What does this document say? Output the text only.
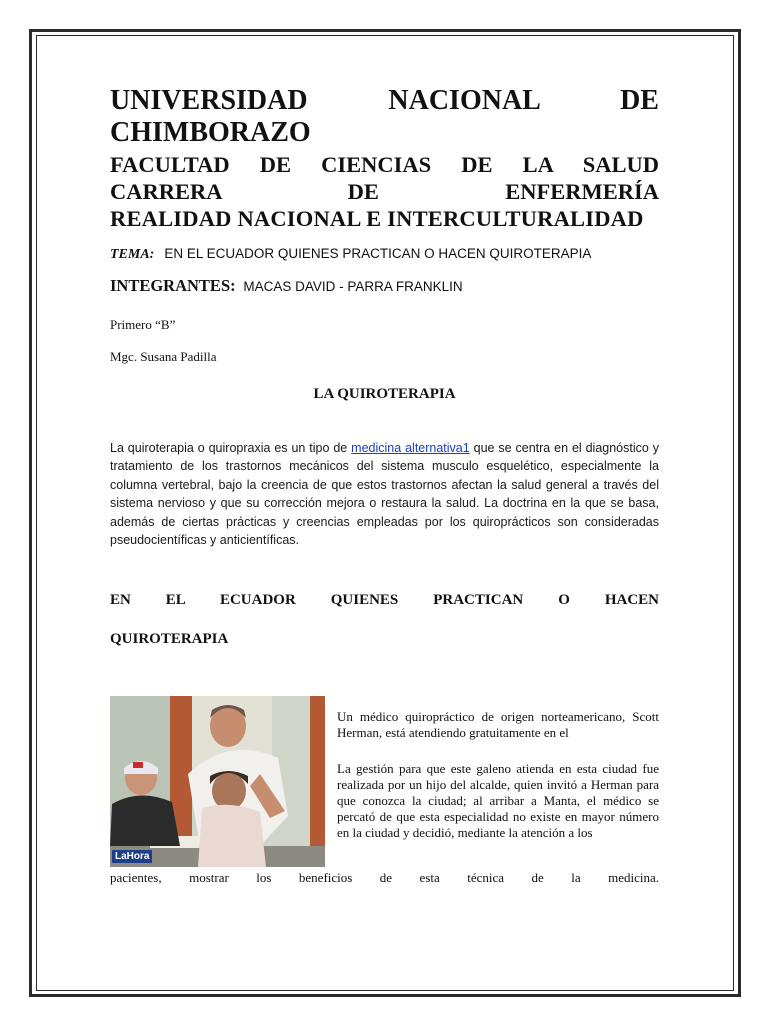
UNIVERSIDAD NACIONAL DE CHIMBORAZO

FACULTAD DE CIENCIAS DE LA SALUD
CARRERA DE ENFERMERÍA
REALIDAD NACIONAL E INTERCULTURALIDAD
TEMA: EN EL ECUADOR QUIENES PRACTICAN O HACEN QUIROTERAPIA
INTEGRANTES: MACAS DAVID - PARRA FRANKLIN
Primero “B”
Mgc. Susana Padilla
LA QUIROTERAPIA
La quiroterapia o quiropraxia es un tipo de medicina alternativa1 que se centra en el diagnóstico y tratamiento de los trastornos mecánicos del sistema musculo esquelético, especialmente la columna vertebral, bajo la creencia de que estos trastornos afectan la salud general a través del sistema nervioso y que su corrección mejora o restaura la salud. La doctrina en la que se basa, además de ciertas prácticas y creencias empleadas por los quiroprácticos son consideradas pseudocientíficas y anticientíficas.
EN EL ECUADOR QUIENES PRACTICAN O HACEN
QUIROTERAPIA
LaHora

Un médico quiropráctico de origen norteamericano, Scott Herman, está atendiendo gratuitamente en el

La gestión para que este galeno atienda en esta ciudad fue realizada por un hijo del alcalde, quien invitó a Herman para que conozca la ciudad; al arribar a Manta, el médico se percató de que esta especialidad no existe en mayor número en la ciudad y decidió, mediante la atención a los

pacientes, mostrar los beneficios de esta técnica de la medicina.
